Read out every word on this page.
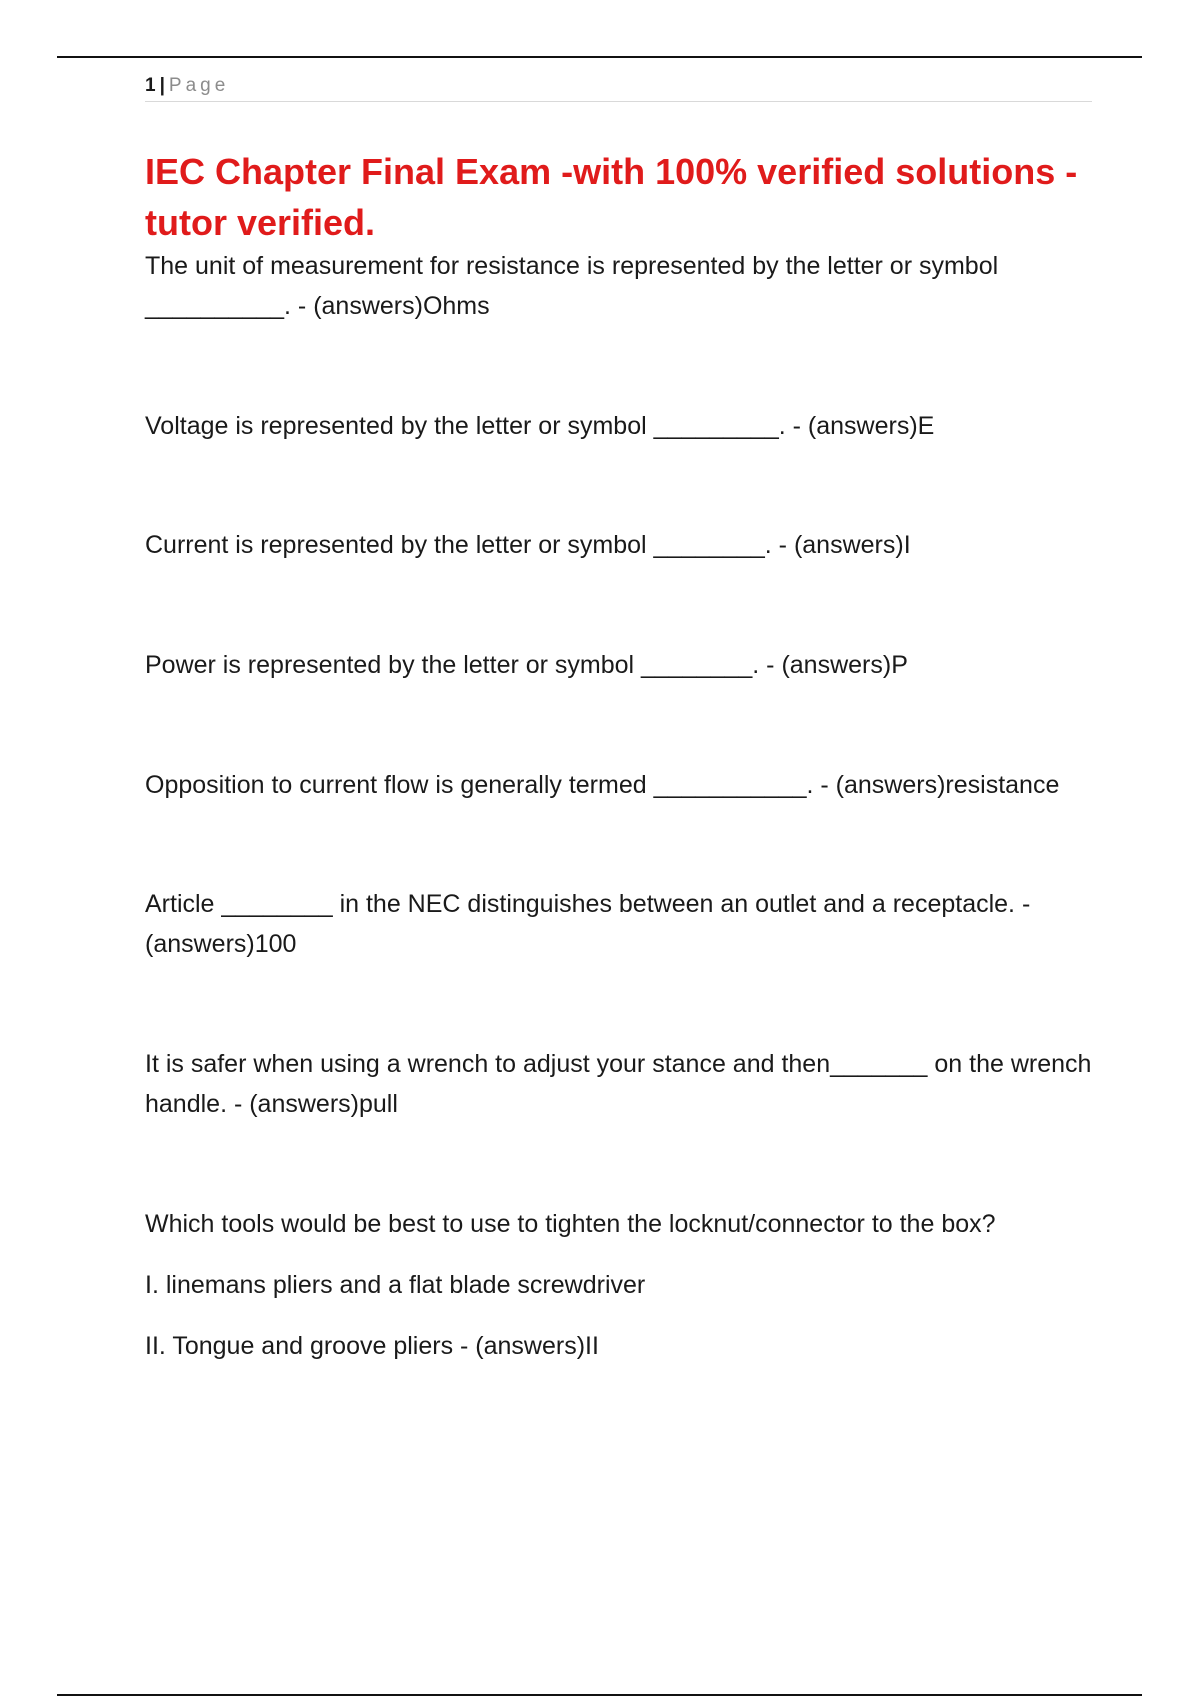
1 | Page
IEC Chapter Final Exam -with 100% verified solutions -tutor verified.

The unit of measurement for resistance is represented by the letter or symbol __________. - (answers)Ohms

Voltage is represented by the letter or symbol _________. - (answers)E

Current is represented by the letter or symbol ________. - (answers)I

Power is represented by the letter or symbol ________. - (answers)P

Opposition to current flow is generally termed ___________. - (answers)resistance

Article ________ in the NEC distinguishes between an outlet and a receptacle. - (answers)100

It is safer when using a wrench to adjust your stance and then_______ on the wrench handle. - (answers)pull

Which tools would be best to use to tighten the locknut/connector to the box?

I. linemans pliers and a flat blade screwdriver

II. Tongue and groove pliers - (answers)II
